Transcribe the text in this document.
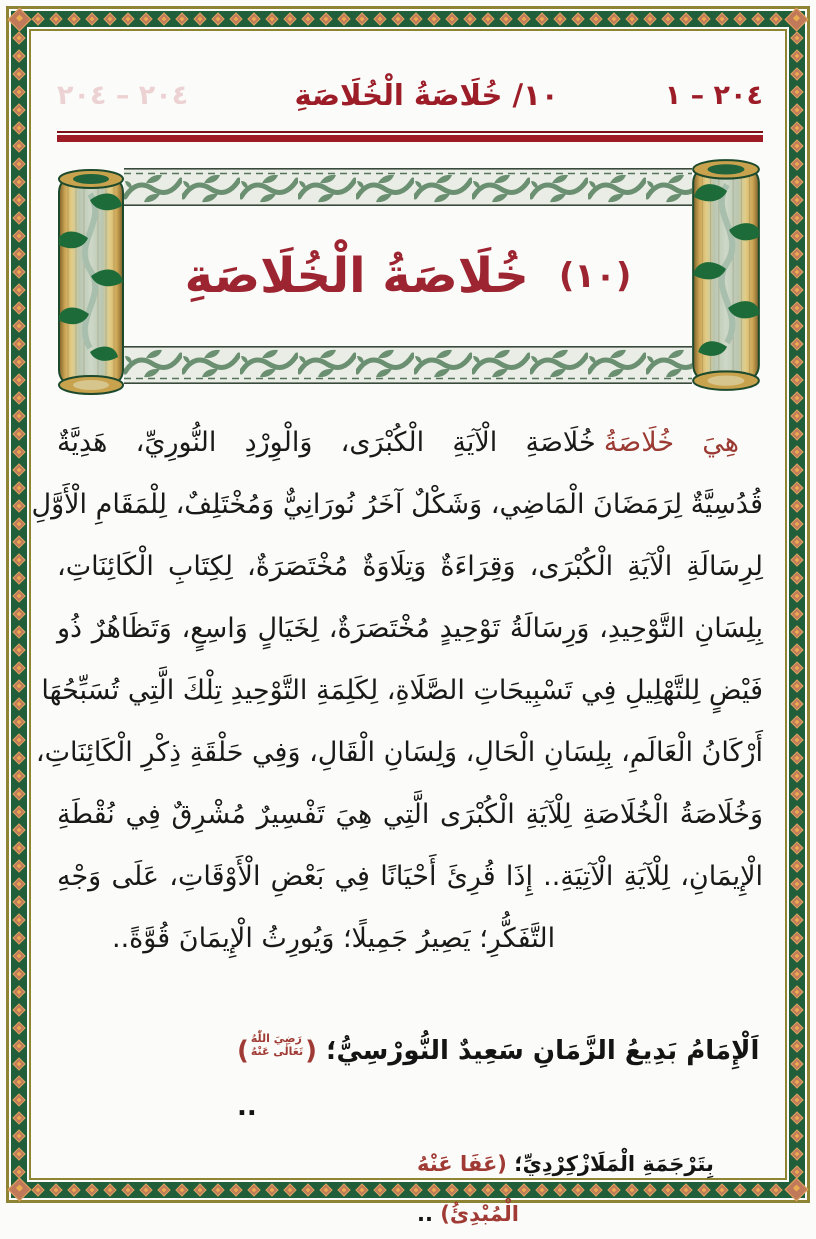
٢٠٤ – ١
١٠/ خُلَاصَةُ الْخُلَاصَةِ
٢٠٤ – ٢٠٤
(١٠)
خُلَاصَةُ الْخُلَاصَةِ
هِيَ خُلَاصَةُخُلَاصَةِ الْآيَةِ الْكُبْرَى، وَالْوِرْدِ النُّورِيِّ، هَدِيَّةٌ
قُدُسِيَّةٌ لِرَمَضَانَ الْمَاضِي، وَشَكْلٌ آخَرُ نُورَانِيٌّ وَمُخْتَلِفٌ، لِلْمَقَامِ الْأَوَّلِ
لِرِسَالَةِ الْآيَةِ الْكُبْرَى، وَقِرَاءَةٌ وَتِلَاوَةٌ مُخْتَصَرَةٌ، لِكِتَابِ الْكَائِنَاتِ،
بِلِسَانِ التَّوْحِيدِ، وَرِسَالَةُ تَوْحِيدٍ مُخْتَصَرَةٌ، لِخَيَالٍ وَاسِعٍ، وَتَظَاهُرٌ ذُو
فَيْضٍ لِلتَّهْلِيلِ فِي تَسْبِيحَاتِ الصَّلَاةِ، لِكَلِمَةِ التَّوْحِيدِ تِلْكَ الَّتِي تُسَبِّحُهَا
أَرْكَانُ الْعَالَمِ، بِلِسَانِ الْحَالِ، وَلِسَانِ الْقَالِ، وَفِي حَلْقَةِ ذِكْرِ الْكَائِنَاتِ،
وَخُلَاصَةُ الْخُلَاصَةِ لِلْآيَةِ الْكُبْرَى الَّتِي هِيَ تَفْسِيرٌ مُشْرِقٌ فِي نُقْطَةِ
الْإِيمَانِ، لِلْآيَةِ الْآتِيَةِ.. إِذَا قُرِئَ أَحْيَانًا فِي بَعْضِ الْأَوْقَاتِ، عَلَى وَجْهِ
التَّفَكُّرِ؛ يَصِيرُ جَمِيلًا؛ وَيُورِثُ الْإِيمَانَ قُوَّةً..
اَلْإِمَامُ بَدِيعُ الزَّمَانِ سَعِيدٌ النُّورْسِيُّ؛ (
رَضِيَ اللّٰهُ
تَعَالٰى عَنْهُ
) ..
بِتَرْجَمَةِ الْمَلَازْكِرْدِيِّ؛ (عَفَا عَنْهُ الْمُبْدِئُ) ..
